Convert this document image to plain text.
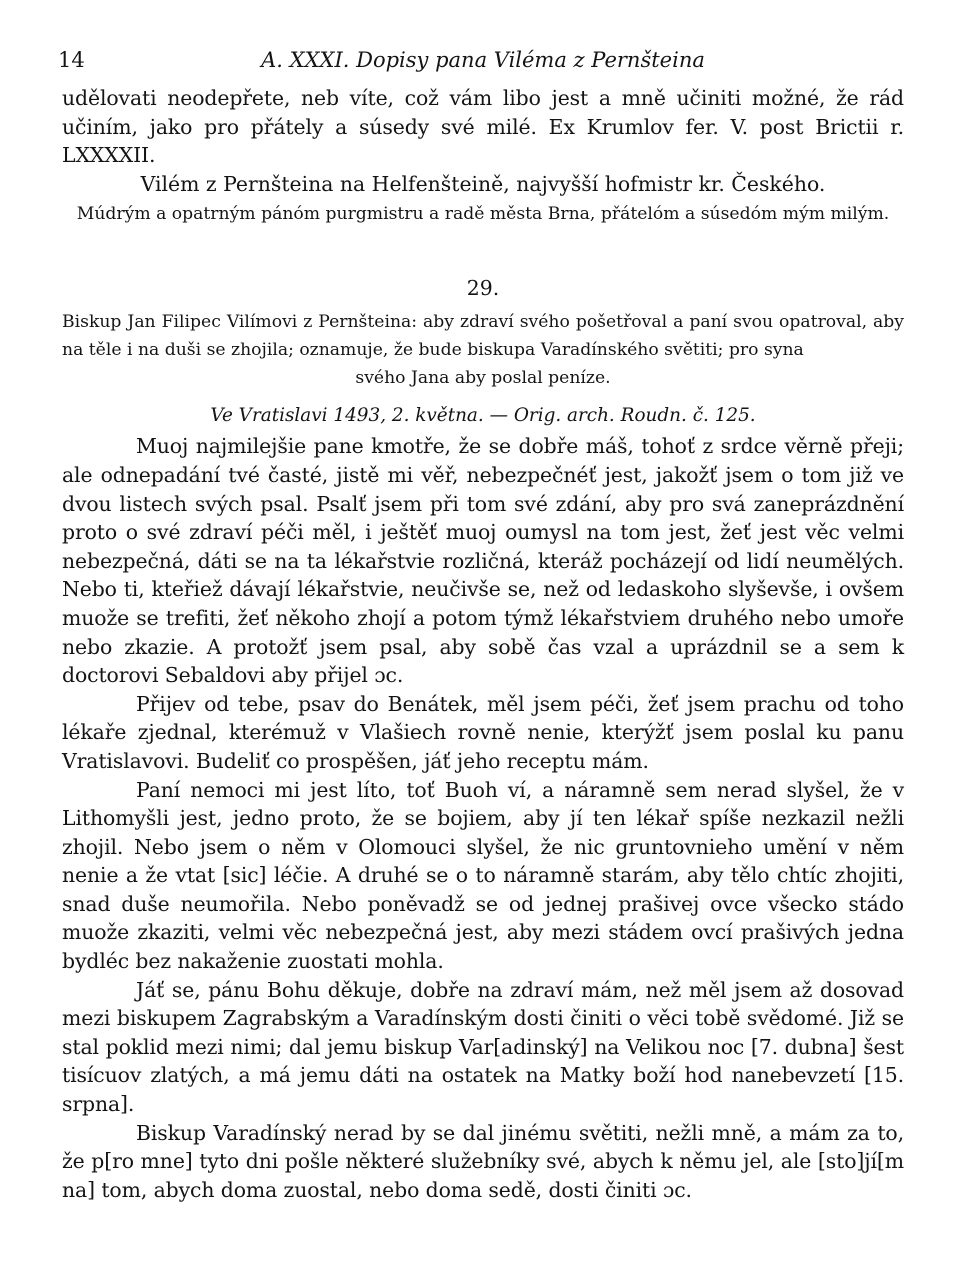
14	A. XXXI. Dopisy pana Viléma z Pernšteina

udělovati neodepřete, neb víte, což vám libo jest a mně učiniti možné, že rád učiním, jako pro přátely a súsedy své milé. Ex Krumlov fer. V. post Brictii r. LXXXXII.

Vilém z Pernšteina na Helfenšteině, najvyšší hofmistr kr. Českého.

Múdrým a opatrným pánóm purgmistru a radě města Brna, přátelóm a súsedóm mým milým.

29.

Biskup Jan Filipec Vilímovi z Pernšteina: aby zdraví svého pošetřoval a paní svou opatroval, aby na těle i na duši se zhojila; oznamuje, že bude biskupa Varadínského světiti; pro syna
svého Jana aby poslal peníze.

Ve Vratislavi 1493, 2. května. — Orig. arch. Roudn. č. 125.

Muoj najmilejšie pane kmotře, že se dobře máš, tohoť z srdce věrně přeji; ale odnepadání tvé časté, jistě mi věř, nebezpečnéť jest, jakožť jsem o tom již ve dvou listech svých psal. Psalť jsem při tom své zdání, aby pro svá zaneprázdnění proto o své zdraví péči měl, i ještěť muoj oumysl na tom jest, žeť jest věc velmi nebezpečná, dáti se na ta lékařstvie rozličná, kteráž pocházejí od lidí neumělých. Nebo ti, kteřiež dávají lékařstvie, neučivše se, než od ledaskoho slyševše, i ovšem muože se trefiti, žeť někoho zhojí a potom týmž lékařstviem druhého nebo umoře nebo zkazie. A protožť jsem psal, aby sobě čas vzal a uprázdnil se a sem k doctorovi Sebaldovi aby přijel ɔc.

Přijev od tebe, psav do Benátek, měl jsem péči, žeť jsem prachu od toho lékaře zjednal, kterémuž v Vlašiech rovně nenie, kterýžť jsem poslal ku panu Vratislavovi. Budeliť co prospěšen, jáť jeho receptu mám.

Paní nemoci mi jest líto, toť Buoh ví, a náramně sem nerad slyšel, že v Lithomyšli jest, jedno proto, že se bojiem, aby jí ten lékař spíše nezkazil nežli zhojil. Nebo jsem o něm v Olomouci slyšel, že nic gruntovnieho umění v něm nenie a že vtat [sic] léčie. A druhé se o to náramně starám, aby tělo chtíc zhojiti, snad duše neumořila. Nebo poněvadž se od jednej prašivej ovce všecko stádo muože zkaziti, velmi věc nebezpečná jest, aby mezi stádem ovcí prašivých jedna bydléc bez nakaženie zuostati mohla.

Jáť se, pánu Bohu děkuje, dobře na zdraví mám, než měl jsem až dosovad mezi biskupem Zagrabským a Varadínským dosti činiti o věci tobě svědomé. Již se stal poklid mezi nimi; dal jemu biskup Var[adinský] na Velikou noc [7. dubna] šest tisícuov zlatých, a má jemu dáti na ostatek na Matky boží hod nanebevzetí [15. srpna].

Biskup Varadínský nerad by se dal jinému světiti, nežli mně, a mám za to, že p[ro mne] tyto dni pošle některé služebníky své, abych k němu jel, ale [sto]jí[m na] tom, abych doma zuostal, nebo doma sedě, dosti činiti ɔc.
